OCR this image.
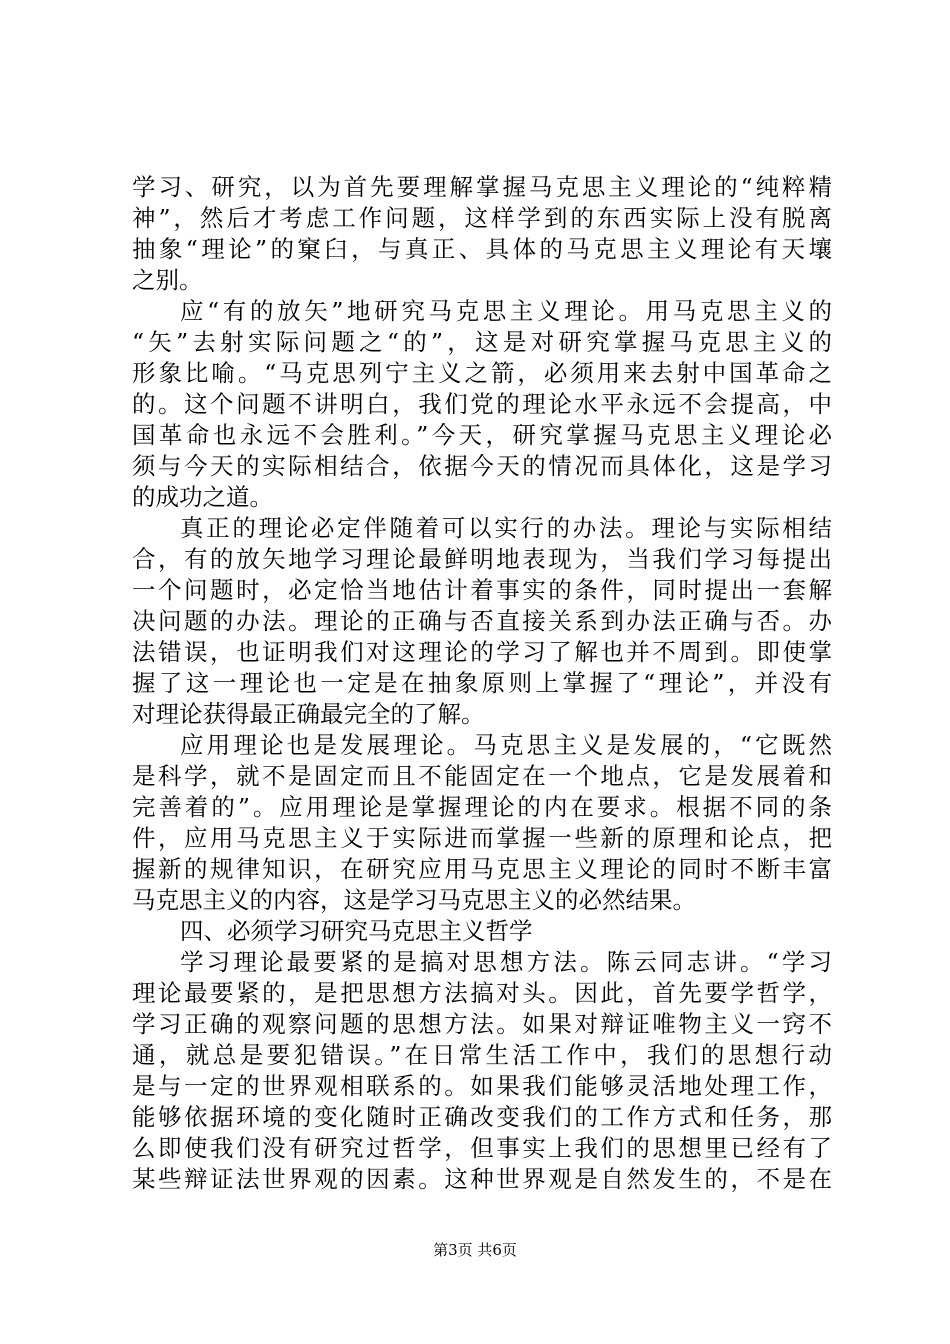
学习、研究，以为首先要理解掌握马克思主义理论的“纯粹精
神”，然后才考虑工作问题，这样学到的东西实际上没有脱离
抽象“理论”的窠臼，与真正、具体的马克思主义理论有天壤
之别。
应“有的放矢”地研究马克思主义理论。用马克思主义的
“矢”去射实际问题之“的”，这是对研究掌握马克思主义的
形象比喻。“马克思列宁主义之箭，必须用来去射中国革命之
的。这个问题不讲明白，我们党的理论水平永远不会提高，中
国革命也永远不会胜利。”今天，研究掌握马克思主义理论必
须与今天的实际相结合，依据今天的情况而具体化，这是学习
的成功之道。
真正的理论必定伴随着可以实行的办法。理论与实际相结
合，有的放矢地学习理论最鲜明地表现为，当我们学习每提出
一个问题时，必定恰当地估计着事实的条件，同时提出一套解
决问题的办法。理论的正确与否直接关系到办法正确与否。办
法错误，也证明我们对这理论的学习了解也并不周到。即使掌
握了这一理论也一定是在抽象原则上掌握了“理论”，并没有
对理论获得最正确最完全的了解。
应用理论也是发展理论。马克思主义是发展的，“它既然
是科学，就不是固定而且不能固定在一个地点，它是发展着和
完善着的”。应用理论是掌握理论的内在要求。根据不同的条
件，应用马克思主义于实际进而掌握一些新的原理和论点，把
握新的规律知识，在研究应用马克思主义理论的同时不断丰富
马克思主义的内容，这是学习马克思主义的必然结果。
四、必须学习研究马克思主义哲学
学习理论最要紧的是搞对思想方法。陈云同志讲。“学习
理论最要紧的，是把思想方法搞对头。因此，首先要学哲学，
学习正确的观察问题的思想方法。如果对辩证唯物主义一窍不
通，就总是要犯错误。”在日常生活工作中，我们的思想行动
是与一定的世界观相联系的。如果我们能够灵活地处理工作，
能够依据环境的变化随时正确改变我们的工作方式和任务，那
么即使我们没有研究过哲学，但事实上我们的思想里已经有了
某些辩证法世界观的因素。这种世界观是自然发生的，不是在
第3页 共6页
